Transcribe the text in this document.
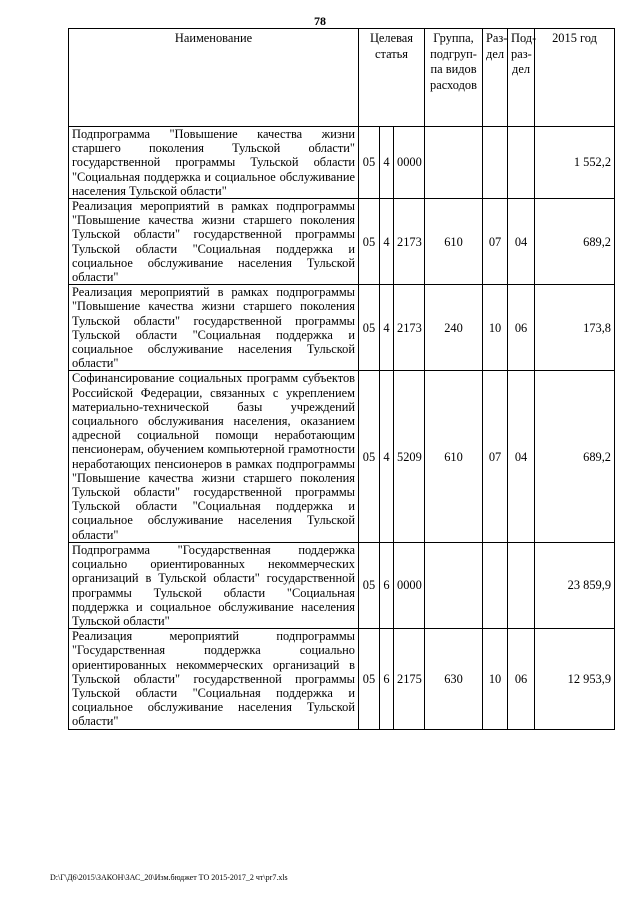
78
Наименование	Целевая статья			Группа, подгруп-па видов расходов	Раз-дел	Под-раз-дел	2015 год
Подпрограмма "Повышение качества жизни старшего поколения Тульской области" государственной программы Тульской области "Социальная поддержка и социальное обслуживание населения Тульской области"	05	4	0000				1 552,2
Реализация мероприятий в рамках подпрограммы "Повышение качества жизни старшего поколения Тульской области" государственной программы Тульской области "Социальная поддержка и социальное обслуживание населения Тульской области"	05	4	2173	610	07	04	689,2
Реализация мероприятий в рамках подпрограммы "Повышение качества жизни старшего поколения Тульской области" государственной программы Тульской области "Социальная поддержка и социальное обслуживание населения Тульской области"	05	4	2173	240	10	06	173,8
Софинансирование социальных программ субъектов Российской Федерации, связанных с укреплением материально-технической базы учреждений социального обслуживания населения, оказанием адресной социальной помощи неработающим пенсионерам, обучением компьютерной грамотности неработающих пенсионеров в рамках подпрограммы "Повышение качества жизни старшего поколения Тульской области" государственной программы Тульской области "Социальная поддержка и социальное обслуживание населения Тульской области"	05	4	5209	610	07	04	689,2
Подпрограмма "Государственная поддержка социально ориентированных некоммерческих организаций в Тульской области" государственной программы Тульской области "Социальная поддержка и социальное обслуживание населения Тульской области"	05	6	0000				23 859,9
Реализация мероприятий подпрограммы "Государственная поддержка социально ориентированных некоммерческих организаций в Тульской области" государственной программы Тульской области "Социальная поддержка и социальное обслуживание населения Тульской области"	05	6	2175	630	10	06	12 953,9
D:\Г\Д6\2015\ЗАКОН\ЗАС_20\Изм.бюджет ТО 2015-2017_2 чт\pr7.xls
